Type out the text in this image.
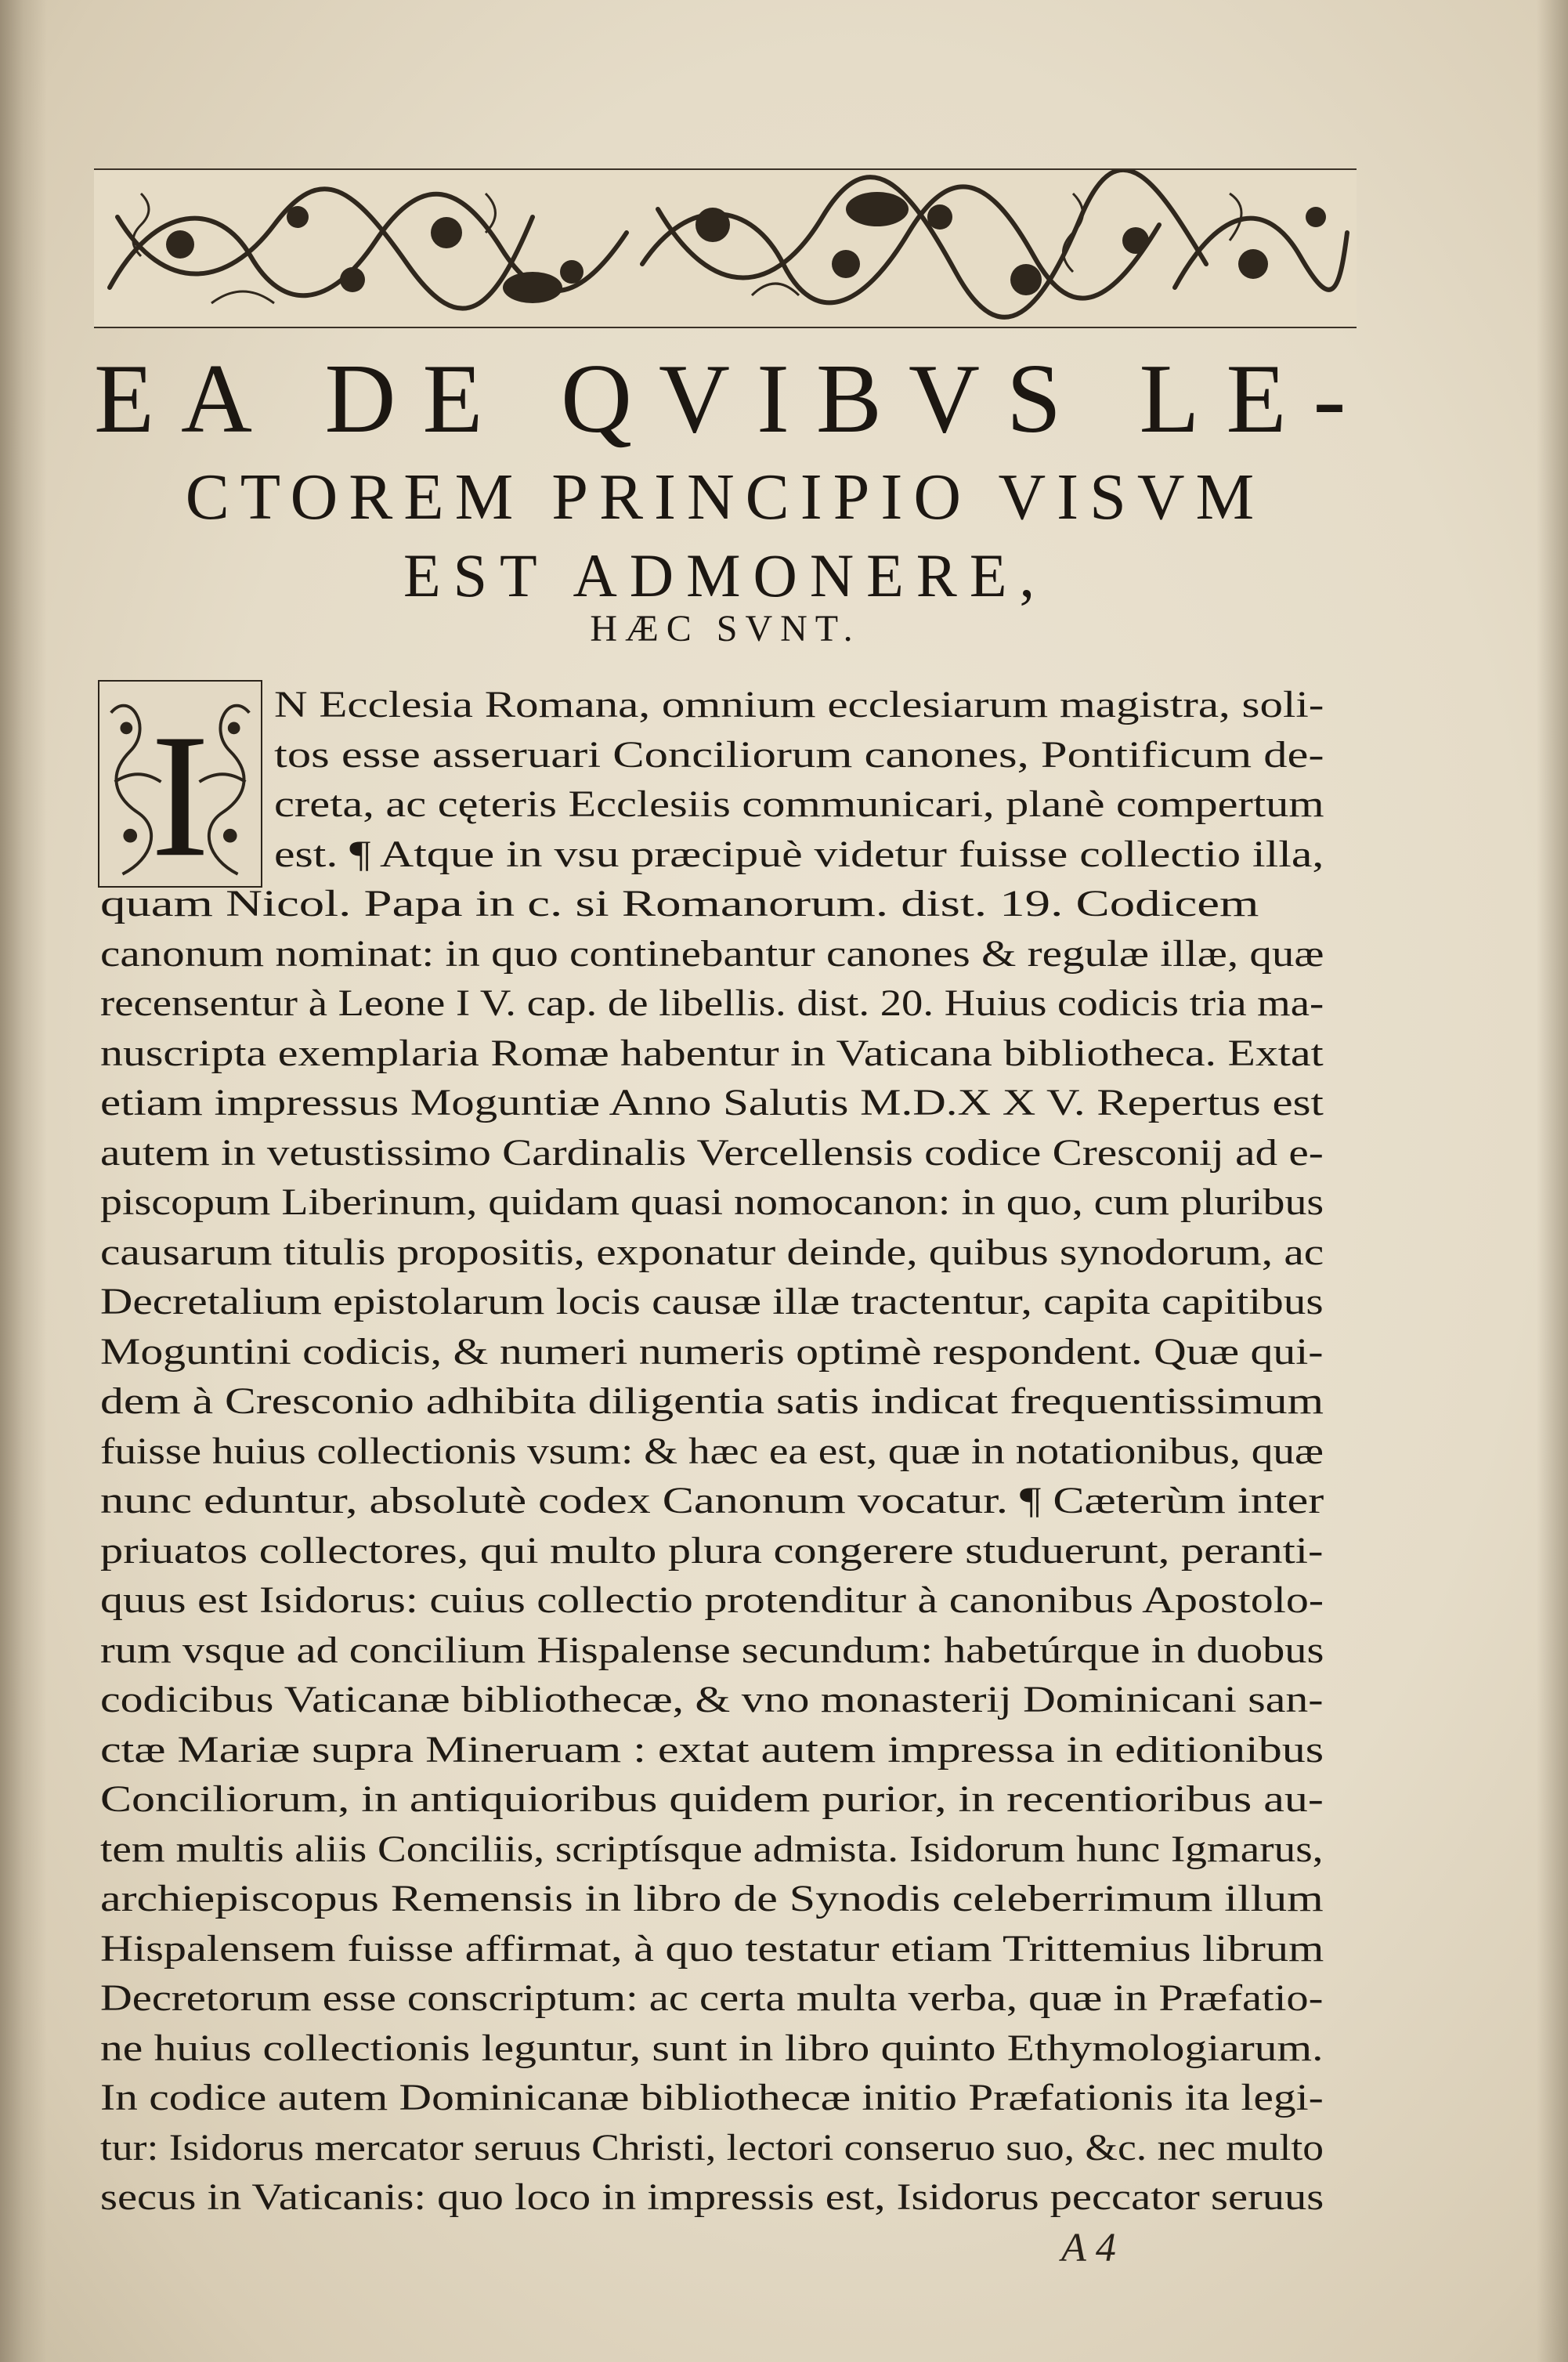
EA DE QVIBVS LE-
CTOREM PRINCIPIO VISVM
EST ADMONERE,
HÆC SVNT.
I N Ecclesia Romana, omnium ecclesiarum magistra, soli-
tos esse asseruari Conciliorum canones, Pontificum de-
creta, ac cęteris Ecclesiis communicari, planè compertum
est. ¶ Atque in vsu præcipuè videtur fuisse collectio illa,
quam Nicol. Papa in c. si Romanorum. dist. 19. Codicem
canonum nominat: in quo continebantur canones & regulæ illæ, quæ
recensentur à Leone I V. cap. de libellis. dist. 20. Huius codicis tria ma-
nuscripta exemplaria Romæ habentur in Vaticana bibliotheca. Extat
etiam impressus Moguntiæ Anno Salutis M.D.X X V. Repertus est
autem in vetustissimo Cardinalis Vercellensis codice Cresconij ad e-
piscopum Liberinum, quidam quasi nomocanon: in quo, cum pluribus
causarum titulis propositis, exponatur deinde, quibus synodorum, ac
Decretalium epistolarum locis causæ illæ tractentur, capita capitibus
Moguntini codicis, & numeri numeris optimè respondent. Quæ qui-
dem à Cresconio adhibita diligentia satis indicat frequentissimum
fuisse huius collectionis vsum: & hæc ea est, quæ in notationibus, quæ
nunc eduntur, absolutè codex Canonum vocatur. ¶ Cæterùm inter
priuatos collectores, qui multo plura congerere studuerunt, peranti-
quus est Isidorus: cuius collectio protenditur à canonibus Apostolo-
rum vsque ad concilium Hispalense secundum: habetúrque in duobus
codicibus Vaticanæ bibliothecæ, & vno monasterij Dominicani san-
ctæ Mariæ supra Mineruam : extat autem impressa in editionibus
Conciliorum, in antiquioribus quidem purior, in recentioribus au-
tem multis aliis Conciliis, scriptísque admista. Isidorum hunc Igmarus,
archiepiscopus Remensis in libro de Synodis celeberrimum illum
Hispalensem fuisse affirmat, à quo testatur etiam Trittemius librum
Decretorum esse conscriptum: ac certa multa verba, quæ in Præfatio-
ne huius collectionis leguntur, sunt in libro quinto Ethymologiarum.
In codice autem Dominicanæ bibliothecæ initio Præfationis ita legi-
tur: Isidorus mercator seruus Christi, lectori conseruo suo, &c. nec multo
secus in Vaticanis: quo loco in impressis est, Isidorus peccator seruus
A 4
